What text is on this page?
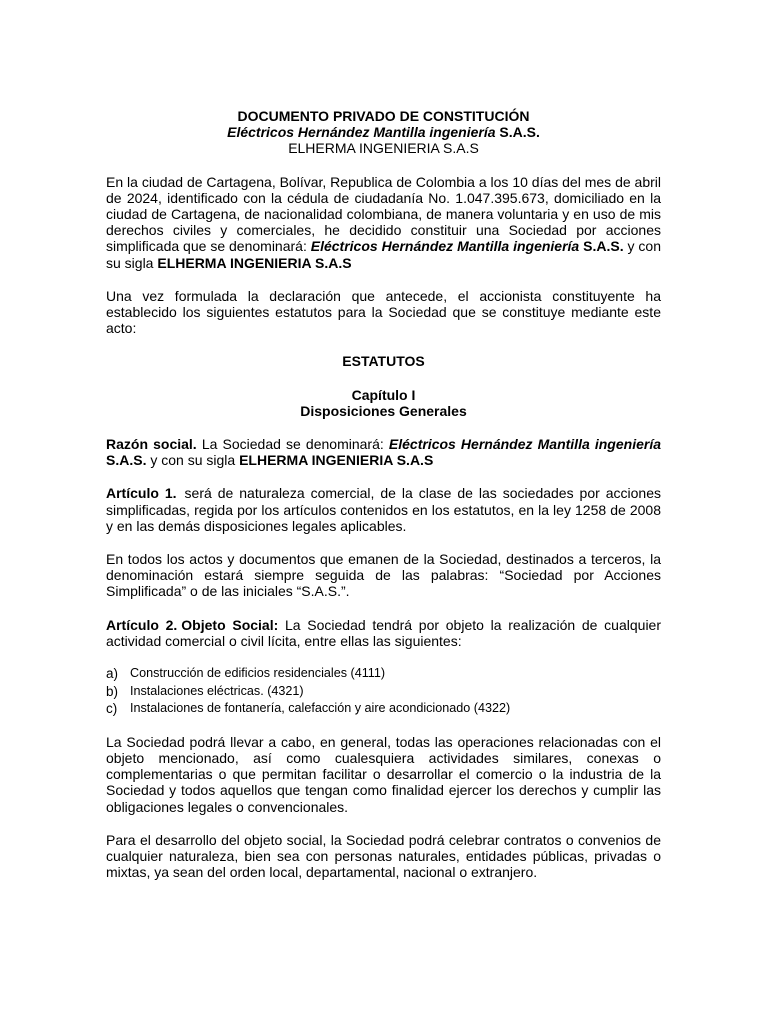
DOCUMENTO PRIVADO DE CONSTITUCIÓN
Eléctricos Hernández Mantilla ingeniería S.A.S.
ELHERMA INGENIERIA S.A.S

En la ciudad de Cartagena, Bolívar, Republica de Colombia a los 10 días del mes de abril de 2024, identificado con la cédula de ciudadanía No. 1.047.395.673, domiciliado en la ciudad de Cartagena, de nacionalidad colombiana, de manera voluntaria y en uso de mis derechos civiles y comerciales, he decidido constituir una Sociedad por acciones simplificada que se denominará: Eléctricos Hernández Mantilla ingeniería S.A.S. y con su sigla ELHERMA INGENIERIA S.A.S

Una vez formulada la declaración que antecede, el accionista constituyente ha establecido los siguientes estatutos para la Sociedad que se constituye mediante este acto:

ESTATUTOS
Capítulo I
Disposiciones Generales

Razón social. La Sociedad se denominará: Eléctricos Hernández Mantilla ingeniería S.A.S. y con su sigla ELHERMA INGENIERIA S.A.S

Artículo 1. será de naturaleza comercial, de la clase de las sociedades por acciones simplificadas, regida por los artículos contenidos en los estatutos, en la ley 1258 de 2008 y en las demás disposiciones legales aplicables.

En todos los actos y documentos que emanen de la Sociedad, destinados a terceros, la denominación estará siempre seguida de las palabras: “Sociedad por Acciones Simplificada” o de las iniciales “S.A.S.”.

Artículo 2. Objeto Social: La Sociedad tendrá por objeto la realización de cualquier actividad comercial o civil lícita, entre ellas las siguientes:

a) Construcción de edificios residenciales (4111)
b) Instalaciones eléctricas. (4321)
c)	Instalaciones de fontanería, calefacción y aire acondicionado (4322)

La Sociedad podrá llevar a cabo, en general, todas las operaciones relacionadas con el objeto mencionado, así como cualesquiera actividades similares, conexas o complementarias o que permitan facilitar o desarrollar el comercio o la industria de la Sociedad y todos aquellos que tengan como finalidad ejercer los derechos y cumplir las obligaciones legales o convencionales.

Para el desarrollo del objeto social, la Sociedad podrá celebrar contratos o convenios de cualquier naturaleza, bien sea con personas naturales, entidades públicas, privadas o mixtas, ya sean del orden local, departamental, nacional o extranjero.
